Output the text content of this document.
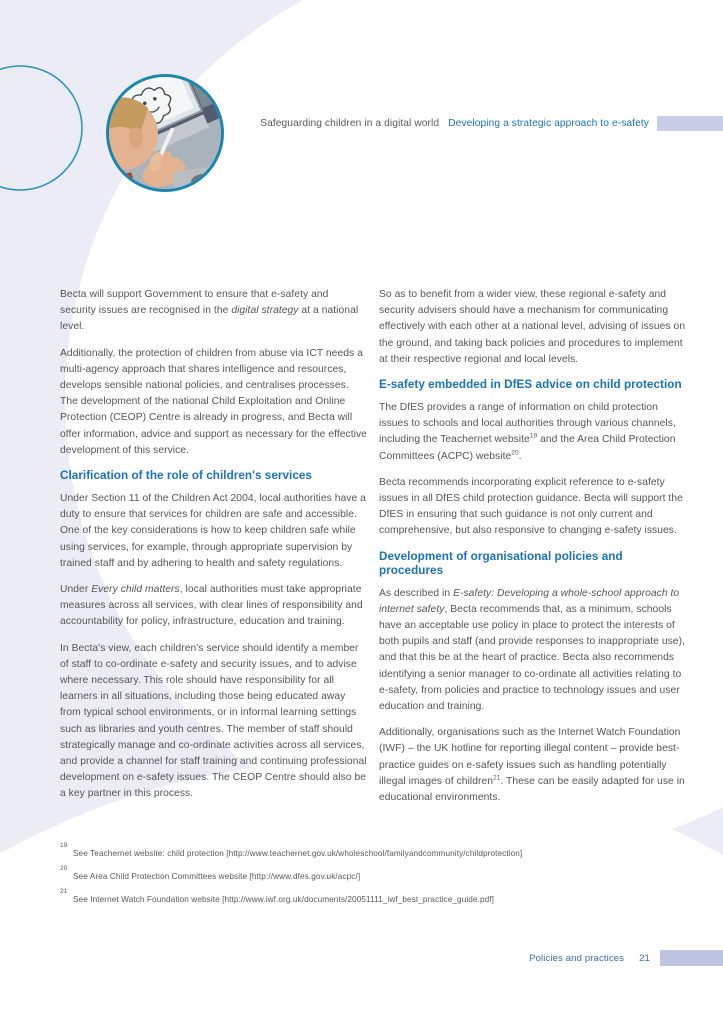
Safeguarding children in a digital world Developing a strategic approach to e-safety

Becta will support Government to ensure that e-safety and security issues are recognised in the digital strategy at a national level.

Additionally, the protection of children from abuse via ICT needs a multi-agency approach that shares intelligence and resources, develops sensible national policies, and centralises processes. The development of the national Child Exploitation and Online Protection (CEOP) Centre is already in progress, and Becta will offer information, advice and support as necessary for the effective development of this service.

Clarification of the role of children's services

Under Section 11 of the Children Act 2004, local authorities have a duty to ensure that services for children are safe and accessible. One of the key considerations is how to keep children safe while using services, for example, through appropriate supervision by trained staff and by adhering to health and safety regulations.

Under Every child matters, local authorities must take appropriate measures across all services, with clear lines of responsibility and accountability for policy, infrastructure, education and training.

In Becta's view, each children's service should identify a member of staff to co-ordinate e-safety and security issues, and to advise where necessary. This role should have responsibility for all learners in all situations, including those being educated away from typical school environments, or in informal learning settings such as libraries and youth centres. The member of staff should strategically manage and co-ordinate activities across all services, and provide a channel for staff training and continuing professional development on e-safety issues. The CEOP Centre should also be a key partner in this process.

So as to benefit from a wider view, these regional e-safety and security advisers should have a mechanism for communicating effectively with each other at a national level, advising of issues on the ground, and taking back policies and procedures to implement at their respective regional and local levels.

E-safety embedded in DfES advice on child protection

The DfES provides a range of information on child protection issues to schools and local authorities through various channels, including the Teachernet website$^{19}$ and the Area Child Protection Committees (ACPC) website$^{20}$.

Becta recommends incorporating explicit reference to e-safety issues in all DfES child protection guidance. Becta will support the DfES in ensuring that such guidance is not only current and comprehensive, but also responsive to changing e-safety issues.

Development of organisational policies and procedures

As described in E-safety: Developing a whole-school approach to internet safety, Becta recommends that, as a minimum, schools have an acceptable use policy in place to protect the interests of both pupils and staff (and provide responses to inappropriate use), and that this be at the heart of practice. Becta also recommends identifying a senior manager to co-ordinate all activities relating to e-safety, from policies and practice to technology issues and user education and training.

Additionally, organisations such as the Internet Watch Foundation (IWF) – the UK hotline for reporting illegal content – provide best-practice guides on e-safety issues such as handling potentially illegal images of children$^{21}$. These can be easily adapted for use in educational environments.

19
See Teachernet website: child protection [http://www.teachernet.gov.uk/wholeschool/familyandcommunity/childprotection]
20
See Area Child Protection Committees website [http://www.dfes.gov.uk/acpc/]
21
See Internet Watch Foundation website [http://www.iwf.org.uk/documents/20051111_iwf_best_practice_guide.pdf]
Policies and practices 21
